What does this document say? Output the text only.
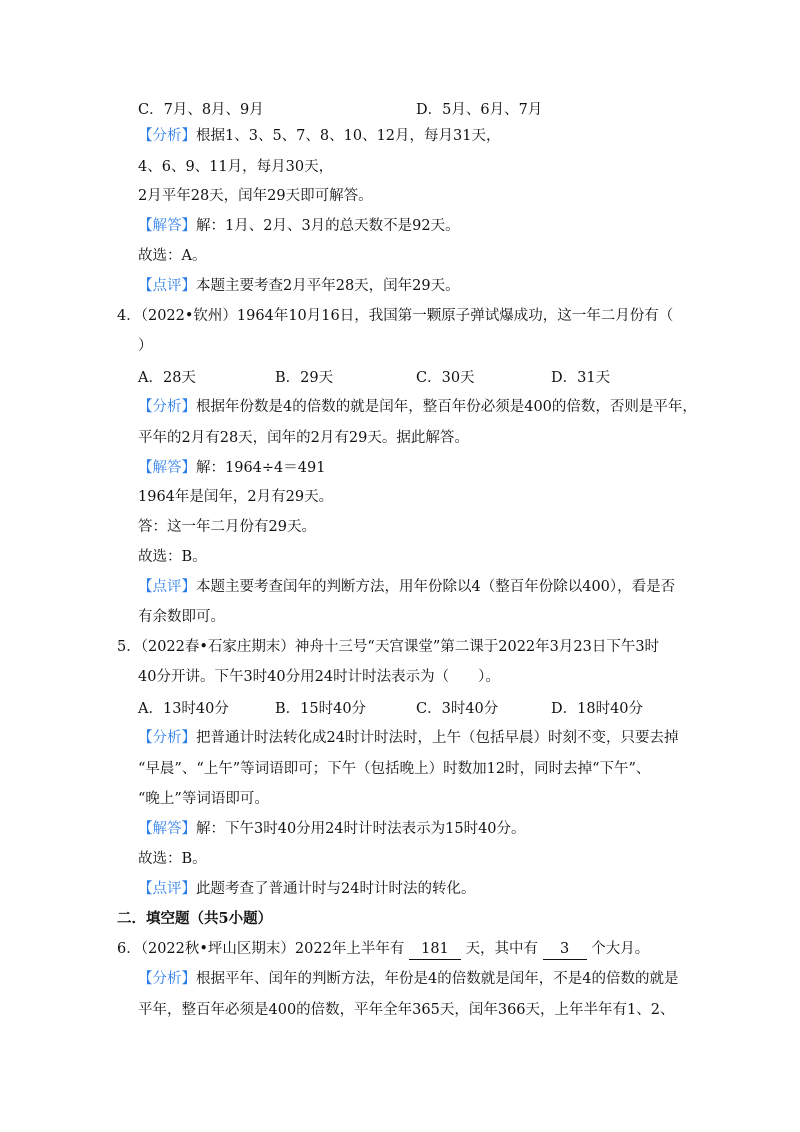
C．7月、8月、9月	D．5月、6月、7月
【分析】根据1、3、5、7、8、10、12月，每月31天，
4、6、9、11月，每月30天，
2月平年28天，闰年29天即可解答。
【解答】解：1月、2月、3月的总天数不是92天。
故选：A。
【点评】本题主要考查2月平年28天，闰年29天。
4．（2022•钦州）1964年10月16日，我国第一颗原子弹试爆成功，这一年二月份有（
）
A．28天	B．29天	C．30天	D．31天
【分析】根据年份数是4的倍数的就是闰年，整百年份必须是400的倍数，否则是平年，
平年的2月有28天，闰年的2月有29天。据此解答。
【解答】解：1964÷4＝491
1964年是闰年，2月有29天。
答：这一年二月份有29天。
故选：B。
【点评】本题主要考查闰年的判断方法，用年份除以4（整百年份除以400），看是否
有余数即可。
5．（2022春•石家庄期末）神舟十三号“天宫课堂”第二课于2022年3月23日下午3时
40分开讲。下午3时40分用24时计时法表示为（　　）。
A．13时40分	B．15时40分	C．3时40分	D．18时40分
【分析】把普通计时法转化成24时计时法时，上午（包括早晨）时刻不变，只要去掉
“早晨”、“上午”等词语即可；下午（包括晚上）时数加12时，同时去掉“下午”、
“晚上”等词语即可。
【解答】解：下午3时40分用24时计时法表示为15时40分。
故选：B。
【点评】此题考查了普通计时与24时计时法的转化。
二．填空题（共5小题）
6．（2022秋•坪山区期末）2022年上半年有 181 天，其中有 3 个大月。
【分析】根据平年、闰年的判断方法，年份是4的倍数就是闰年，不是4的倍数的就是
平年，整百年必须是400的倍数，平年全年365天，闰年366天，上年半年有1、2、
